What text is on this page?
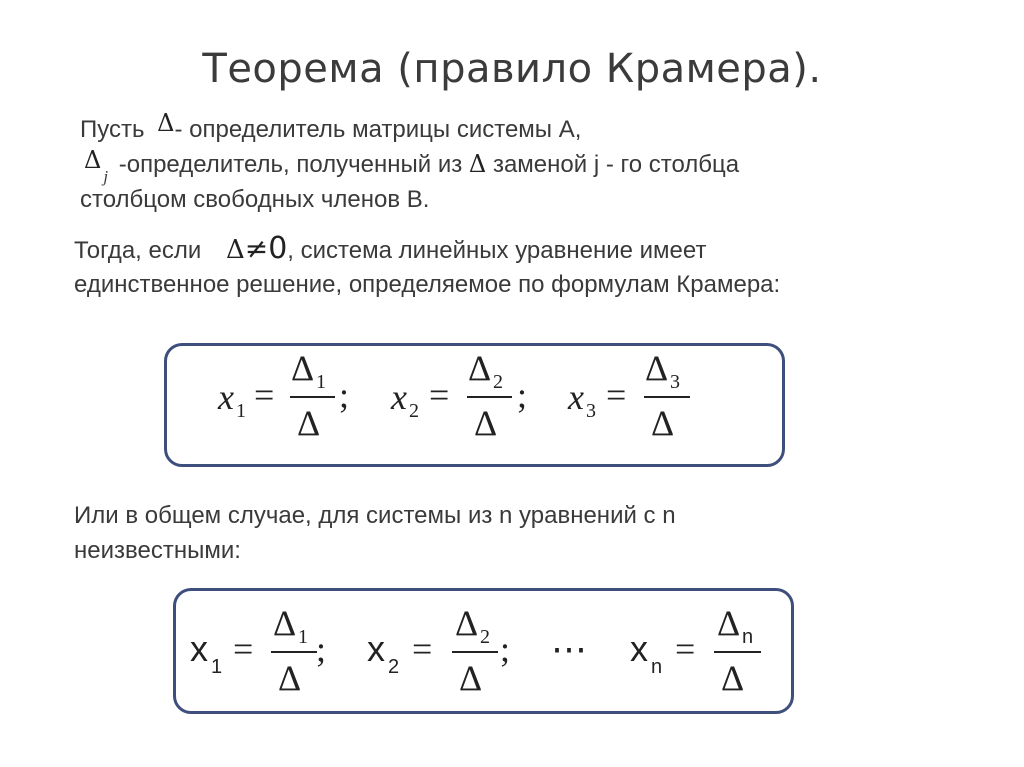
Теорема (правило Крамера).
Пусть Δ- определитель матрицы системы А,
$\Delta_j$ -определитель, полученный из Δ заменой j - го столбца
столбцом свободных членов В.
Тогда, если Δ≠0, система линейных уравнение имеет
единственное решение, определяемое по формулам Крамера:
x 1 =
Δ 1
Δ
; x 2 =
Δ 2
Δ
; x 3 =
Δ 3
Δ
Или в общем случае, для системы из n уравнений с n
неизвестными:
x 1 =
Δ 1
Δ
; x 2 =
Δ 2
Δ
; ⋯ x n =
Δ n
Δ
